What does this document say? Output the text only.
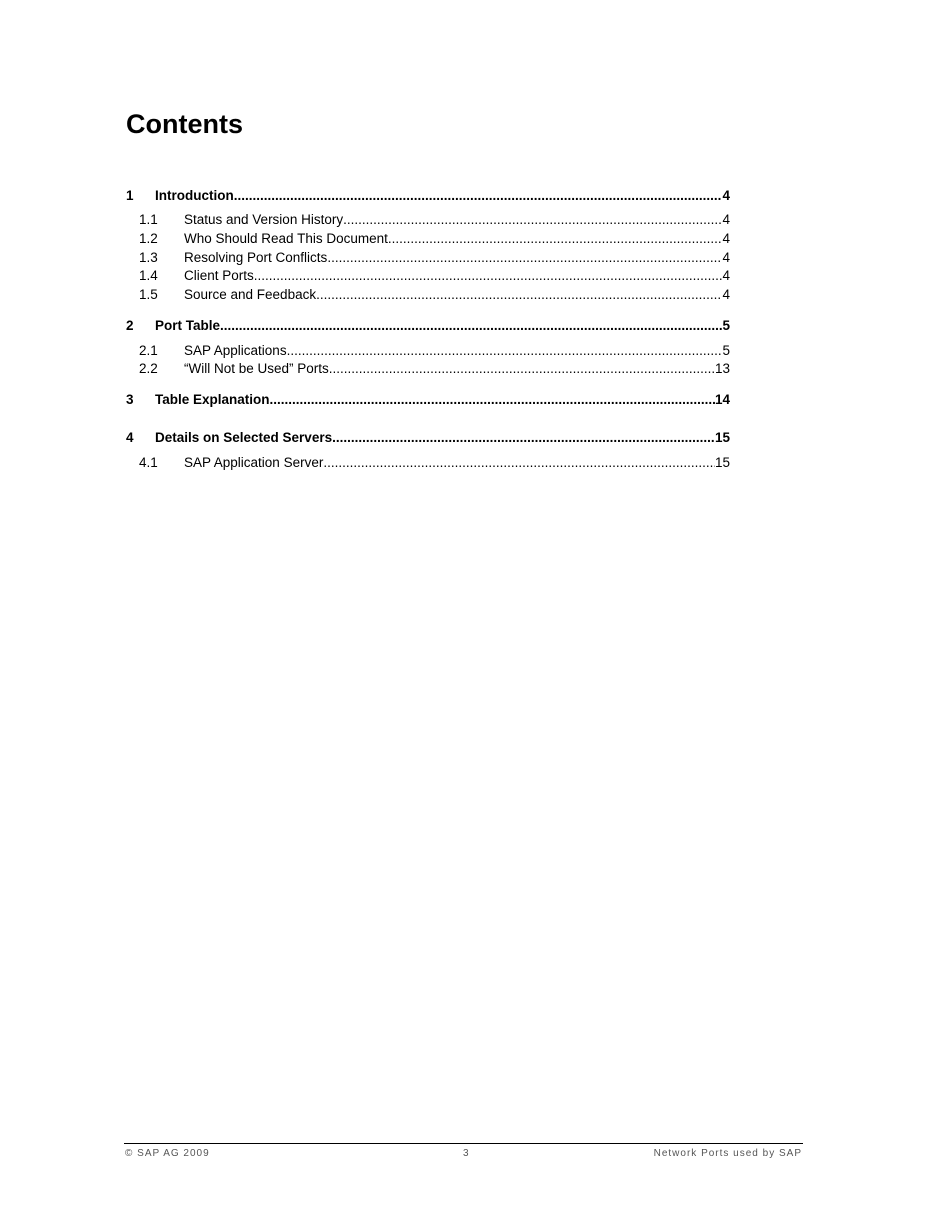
Contents
1 Introduction .....	4
1.1 Status and Version History .....	4
1.2 Who Should Read This Document .....	4
1.3 Resolving Port Conflicts .....	4
1.4 Client Ports .....	4
1.5 Source and Feedback .....	4
2 Port Table .....	5
2.1 SAP Applications .....	5
2.2 “Will Not be Used” Ports .....	13
3 Table Explanation .....	14
4 Details on Selected Servers .....	15
4.1 SAP Application Server .....	15
© SAP AG 2009	3	Network Ports used by SAP
